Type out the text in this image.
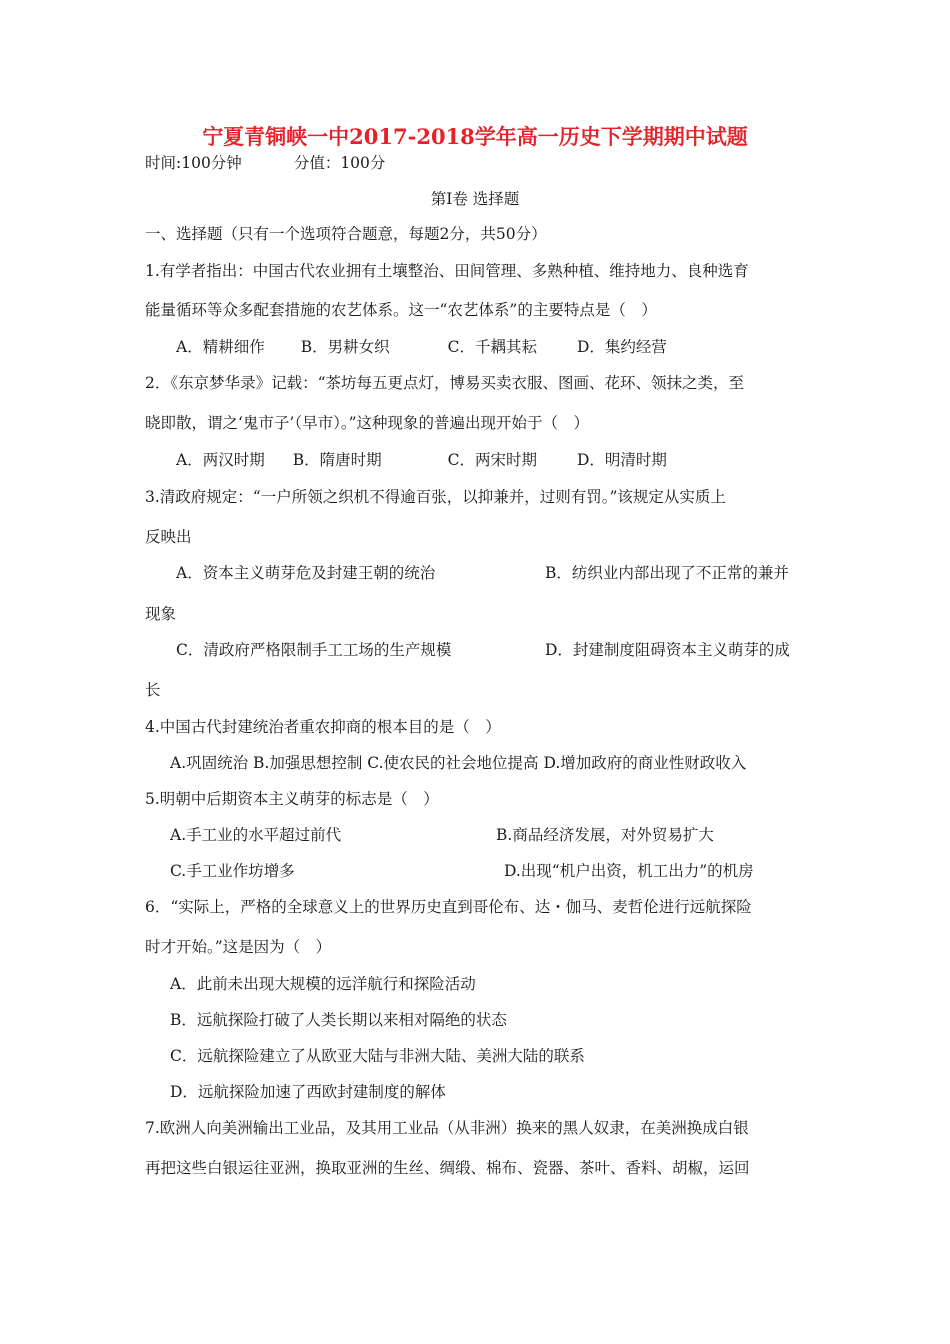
宁夏青铜峡一中2017-2018学年高一历史下学期期中试题
时间:100分钟	分值：100分
第I卷 选择题
一、选择题（只有一个选项符合题意，每题2分，共50分）
1.有学者指出：中国古代农业拥有土壤整治、田间管理、多熟种植、维持地力、良种选育
能量循环等众多配套措施的农艺体系。这一“农艺体系”的主要特点是（　）
A．精耕细作 B．男耕女织	C．千耦其耘	D．集约经营
2．《东京梦华录》记载：“茶坊每五更点灯，博易买卖衣服、图画、花环、领抹之类，至
晓即散，谓之‘鬼市子’（早市）。”这种现象的普遍出现开始于（　）
A．两汉时期 B．隋唐时期	C．两宋时期	D．明清时期
3.清政府规定：“一户所领之织机不得逾百张，以抑兼并，过则有罚。”该规定从实质上
反映出
A．资本主义萌芽危及封建王朝的统治	B．纺织业内部出现了不正常的兼并
现象
C．清政府严格限制手工工场的生产规模	D．封建制度阻碍资本主义萌芽的成
长
4.中国古代封建统治者重农抑商的根本目的是（　）
A.巩固统治 B.加强思想控制 C.使农民的社会地位提高 D.增加政府的商业性财政收入
5.明朝中后期资本主义萌芽的标志是（　）
A.手工业的水平超过前代	B.商品经济发展，对外贸易扩大
C.手工业作坊增多	D.出现“机户出资，机工出力”的机房
6．“实际上，严格的全球意义上的世界历史直到哥伦布、达・伽马、麦哲伦进行远航探险
时才开始。”这是因为（　）
A．此前未出现大规模的远洋航行和探险活动
B．远航探险打破了人类长期以来相对隔绝的状态
C．远航探险建立了从欧亚大陆与非洲大陆、美洲大陆的联系
D．远航探险加速了西欧封建制度的解体
7.欧洲人向美洲输出工业品，及其用工业品（从非洲）换来的黑人奴隶，在美洲换成白银
再把这些白银运往亚洲，换取亚洲的生丝、绸缎、棉布、瓷器、茶叶、香料、胡椒，运回
